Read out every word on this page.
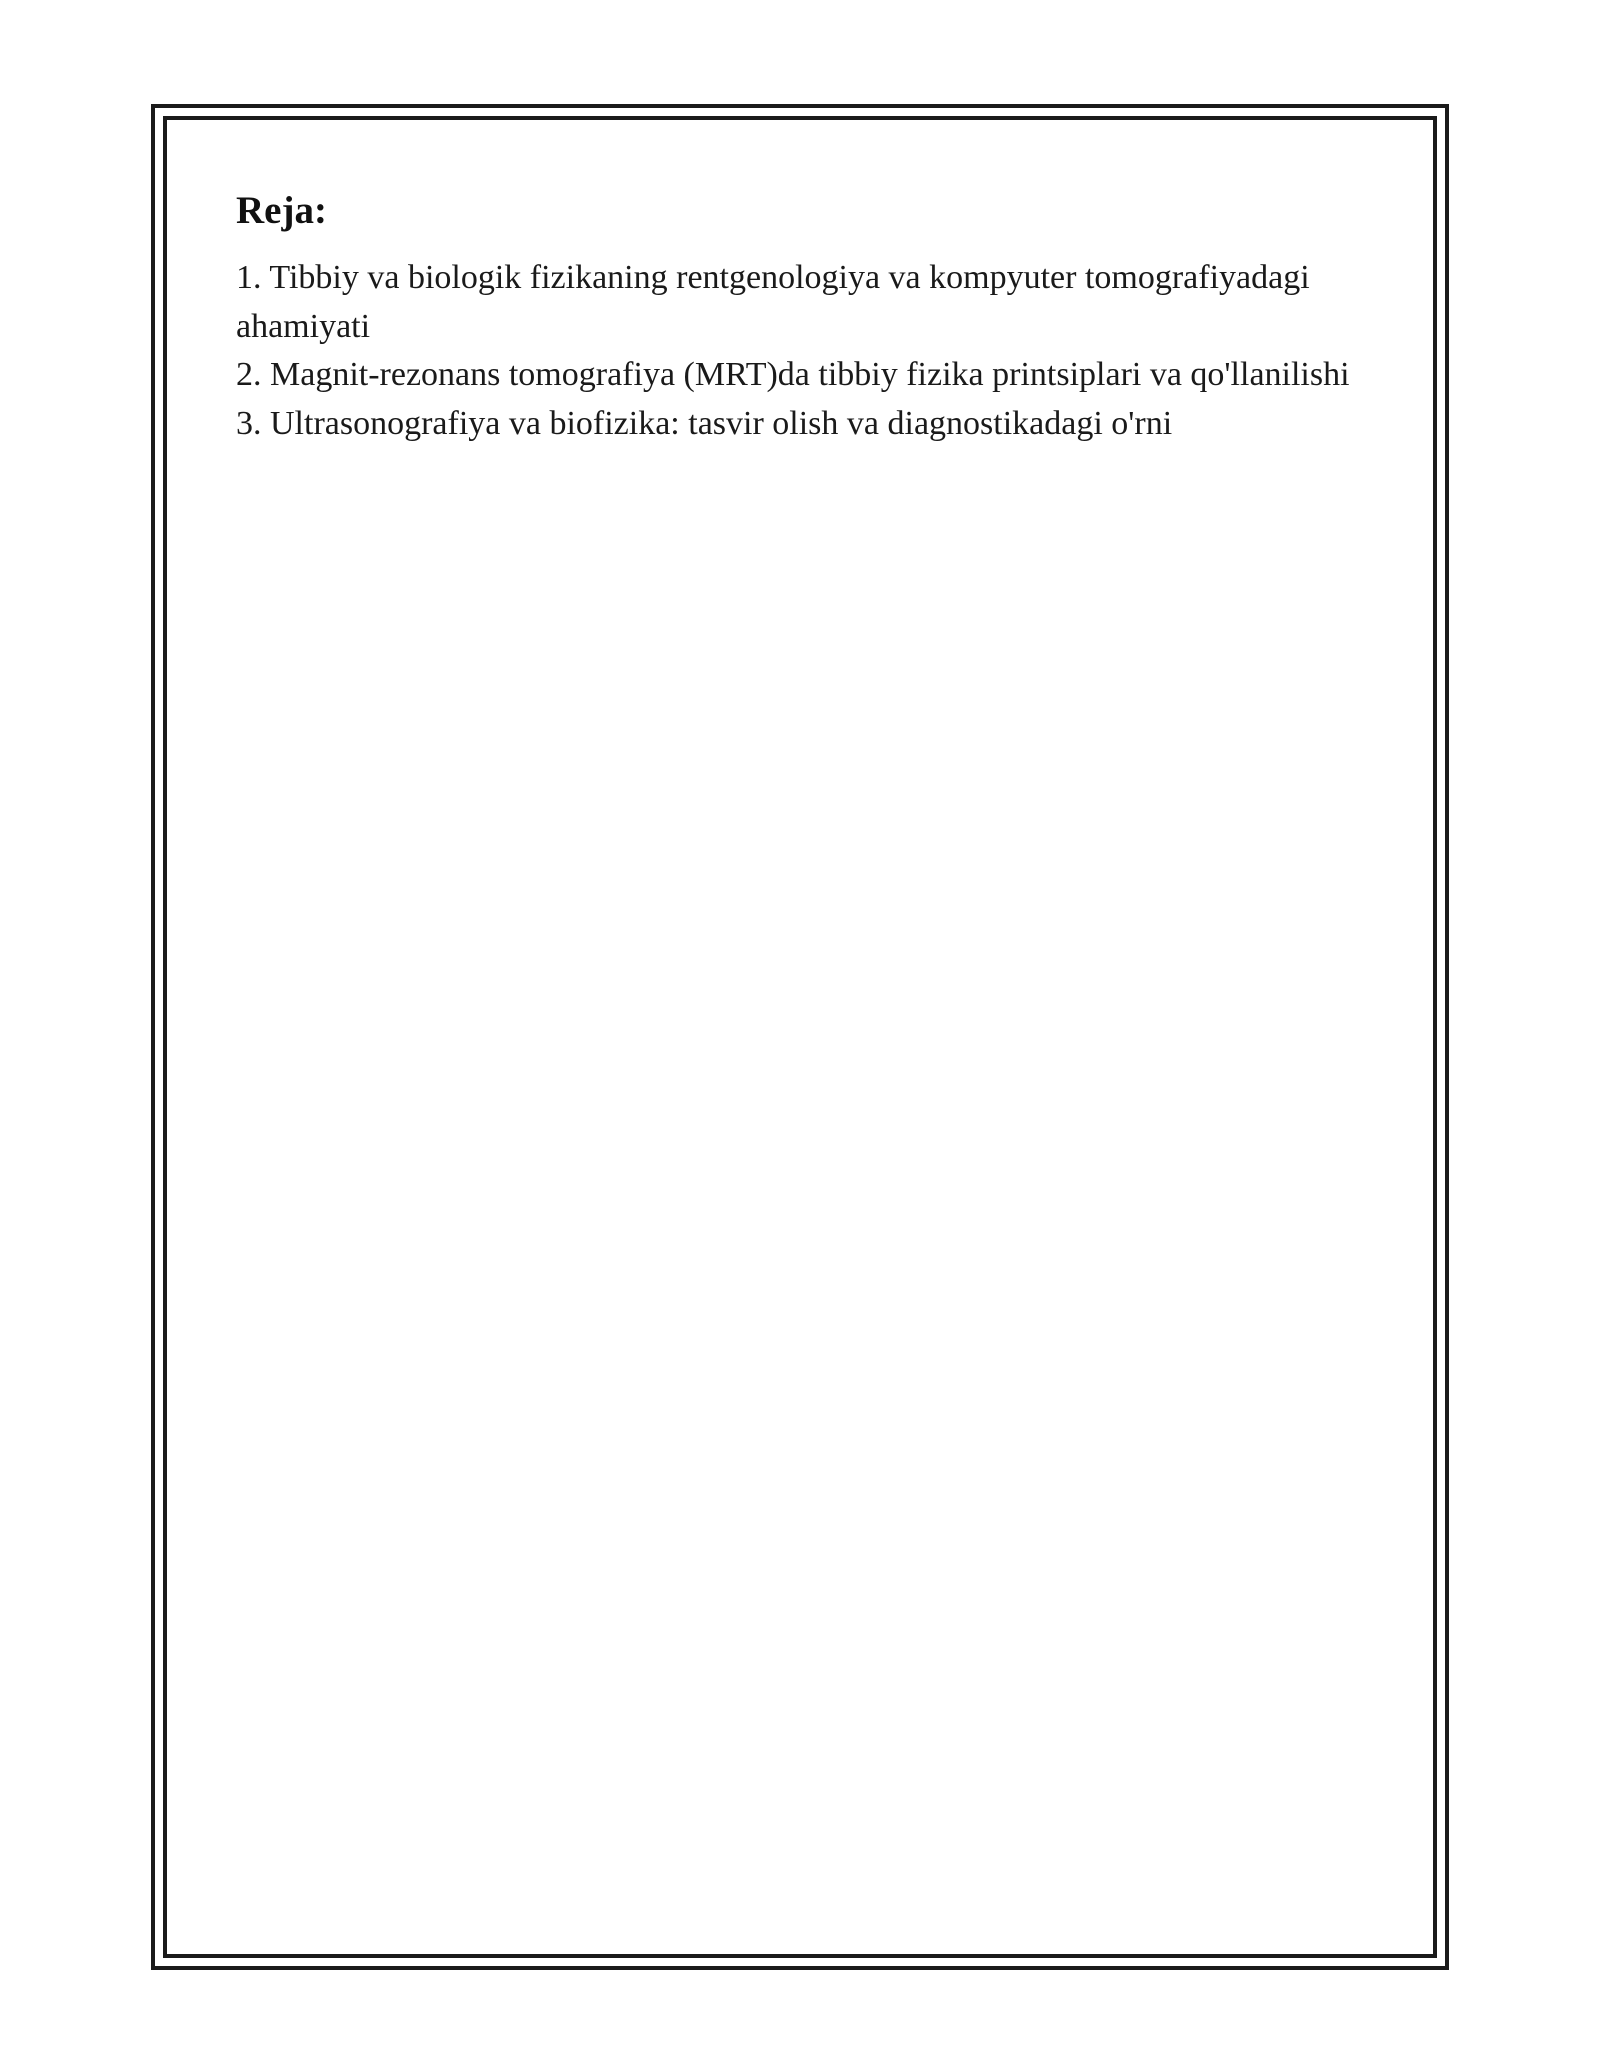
Reja:
1. Tibbiy va biologik fizikaning rentgenologiya va kompyuter tomografiyadagi ahamiyati
2. Magnit-rezonans tomografiya (MRT)da tibbiy fizika printsiplari va qo'llanilishi
3. Ultrasonografiya va biofizika: tasvir olish va diagnostikadagi o'rni
